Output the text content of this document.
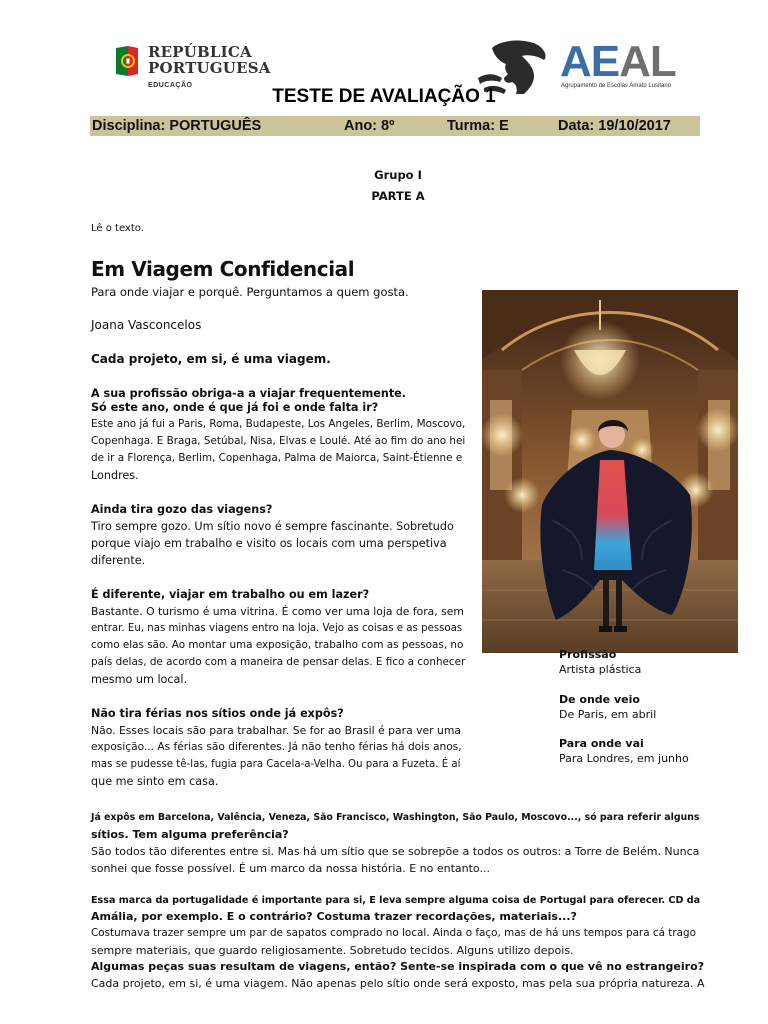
REPÚBLICA
PORTUGUESA
EDUCAÇÃO	AEAL
Agrupamento de Escolas Amato Lusitano
TESTE DE AVALIAÇÃO 1
Disciplina: PORTUGUÊS	Ano: 8º	Turma: E	Data: 19/10/2017
Grupo I
PARTE A
Lê o texto.
Em Viagem Confidencial
Para onde viajar e porquê. Perguntamos a quem gosta.
Joana Vasconcelos
Cada projeto, em si, é uma viagem.
A sua profissão obriga-a a viajar frequentemente.
Só este ano, onde é que já foi e onde falta ir?
Este ano já fui a Paris, Roma, Budapeste, Los Angeles, Berlim, Moscovo,
Copenhaga. E Braga, Setúbal, Nisa, Elvas e Loulé. Até ao fim do ano hei
de ir a Florença, Berlim, Copenhaga, Palma de Maiorca, Saint-Étienne e
Londres.
Ainda tira gozo das viagens?
Tiro sempre gozo. Um sítio novo é sempre fascinante. Sobretudo
porque viajo em trabalho e visito os locais com uma perspetiva
diferente.
É diferente, viajar em trabalho ou em lazer?
Bastante. O turismo é uma vitrina. É como ver uma loja de fora, sem
entrar. Eu, nas minhas viagens entro na loja. Vejo as coisas e as pessoas
como elas são. Ao montar uma exposição, trabalho com as pessoas, no
país delas, de acordo com a maneira de pensar delas. E fico a conhecer
mesmo um local.
Não tira férias nos sítios onde já expôs?
Não. Esses locais são para trabalhar. Se for ao Brasil é para ver uma
exposição... As férias são diferentes. Já não tenho férias há dois anos,
mas se pudesse tê-las, fugia para Cacela-a-Velha. Ou para a Fuzeta. É aí
que me sinto em casa.
Profissão
Artista plástica
De onde veio
De Paris, em abril
Para onde vai
Para Londres, em junho
Já expôs em Barcelona, Valência, Veneza, São Francisco, Washington, São Paulo, Moscovo..., só para referir alguns
sítios. Tem alguma preferência?
São todos tão diferentes entre si. Mas há um sítio que se sobrepõe a todos os outros: a Torre de Belém. Nunca
sonhei que fosse possível. É um marco da nossa história. E no entanto...
Essa marca da portugalidade é importante para si, E leva sempre alguma coisa de Portugal para oferecer. CD da
Amália, por exemplo. E o contrário? Costuma trazer recordações, materiais...?
Costumava trazer sempre um par de sapatos comprado no local. Ainda o faço, mas de há uns tempos para cá trago
sempre materiais, que guardo religiosamente. Sobretudo tecidos. Alguns utilizo depois.
Algumas peças suas resultam de viagens, então? Sente-se inspirada com o que vê no estrangeiro?
Cada projeto, em si, é uma viagem. Não apenas pelo sítio onde será exposto, mas pela sua própria natureza. A
